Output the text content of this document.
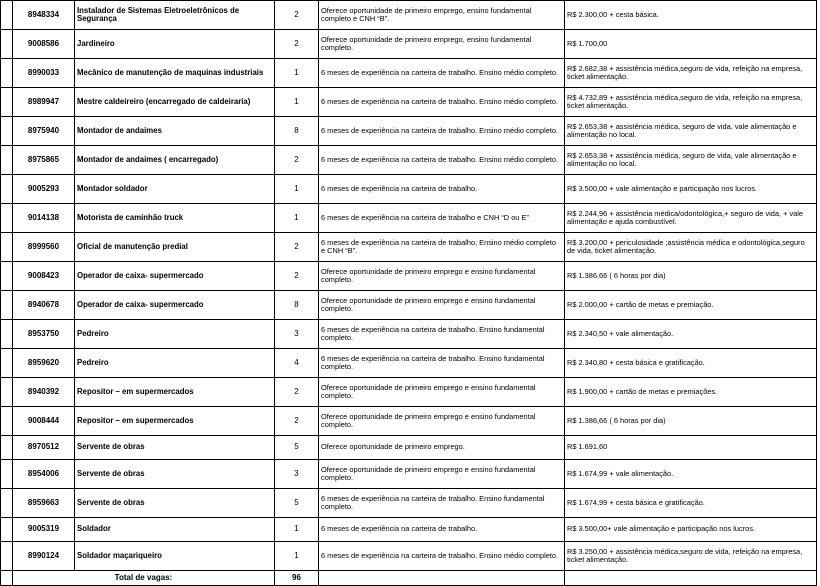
	8948334	Instalador de Sistemas Eletroeletrônicos de Segurança	2	Oferece oportunidade de primeiro emprego, ensino fundamental completo e CNH “B”.	R$ 2.300,00 + cesta básica.
	9008586	Jardineiro	2	Oferece oportunidade de primeiro emprego, ensino fundamental completo.	R$ 1.700,00
	8990033	Mecânico de manutenção de maquinas industriais	1	6 meses de experiência na carteira de trabalho. Ensino médio completo.	R$ 2.682,38 + assistência médica,seguro de vida, refeição na empresa, ticket alimentação.
	8989947	Mestre caldeireiro (encarregado de caldeiraria)	1	6 meses de experiência na carteira de trabalho. Ensino médio completo.	R$ 4.732,89 + assistência médica,seguro de vida, refeição na empresa, ticket alimentação.
	8975940	Montador de andaimes	8	6 meses de experiência na carteira de trabalho. Ensino médio completo.	R$ 2.653,38 + assistência médica, seguro de vida, vale alimentação e alimentação no local.
	8975865	Montador de andaimes ( encarregado)	2	6 meses de experiência na carteira de trabalho. Ensino médio completo.	R$ 2.653,38 + assistência médica, seguro de vida, vale alimentação e alimentação no local.
	9005293	Montador soldador	1	6 meses de experiência na carteira de trabalho.	R$ 3.500,00 + vale alimentação e participação nos lucros.
	9014138	Motorista de caminhão truck	1	6 meses de experiência na carteira de trabalho e CNH “D ou E”	R$ 2.244,96 + assistência médica/odontológica,+ seguro de vida, + vale alimentação e ajuda combustível.
	8999560	Oficial de manutenção predial	2	6 meses de experiência na carteira de trabalho; Ensino médio completo e CNH “B”.	R$ 3.200,00 + periculosidade ;assistência médica e odontológica,seguro de vida, ticket alimentação.
	9008423	Operador de caixa- supermercado	2	Oferece oportunidade de primeiro emprego e ensino fundamental completo.	R$ 1.386,66 ( 6 horas por dia)
	8940678	Operador de caixa- supermercado	8	Oferece oportunidade de primeiro emprego e ensino fundamental completo.	R$ 2.000,00 + cartão de metas e premiação.
	8953750	Pedreiro	3	6 meses de experiência na carteira de trabalho. Ensino fundamental completo.	R$ 2.340,50 + vale alimentação.
	8959620	Pedreiro	4	6 meses de experiência na carteira de trabalho. Ensino fundamental completo.	R$ 2.340,80 + cesta básica e gratificação.
	8940392	Repositor – em supermercados	2	Oferece oportunidade de primeiro emprego e ensino fundamental completo.	R$ 1.900,00 + cartão de metas e premiações.
	9008444	Repositor – em supermercados	2	Oferece oportunidade de primeiro emprego e ensino fundamental completo.	R$ 1.386,66 ( 6 horas por dia)
	8970512	Servente de obras	5	Oferece oportunidade de primeiro emprego.	R$ 1.691,60
	8954006	Servente de obras	3	Oferece oportunidade de primeiro emprego e ensino fundamental completo.	R$ 1.674,99 + vale alimentação.
	8959663	Servente de obras	5	6 meses de experiência na carteira de trabalho. Ensino fundamental completo.	R$ 1.674,99 + cesta básica e gratificação.
	9005319	Soldador	1	6 meses de experiência na carteira de trabalho.	R$ 3.500,00+ vale alimentação e participação nos lucros.
	8990124	Soldador maçariqueiro	1	6 meses de experiência na carteira de trabalho. Ensino médio completo.	R$ 3.250,00 + assistência médica,seguro de vida, refeição na empresa, ticket alimentação.
	Total de vagas:		96		
